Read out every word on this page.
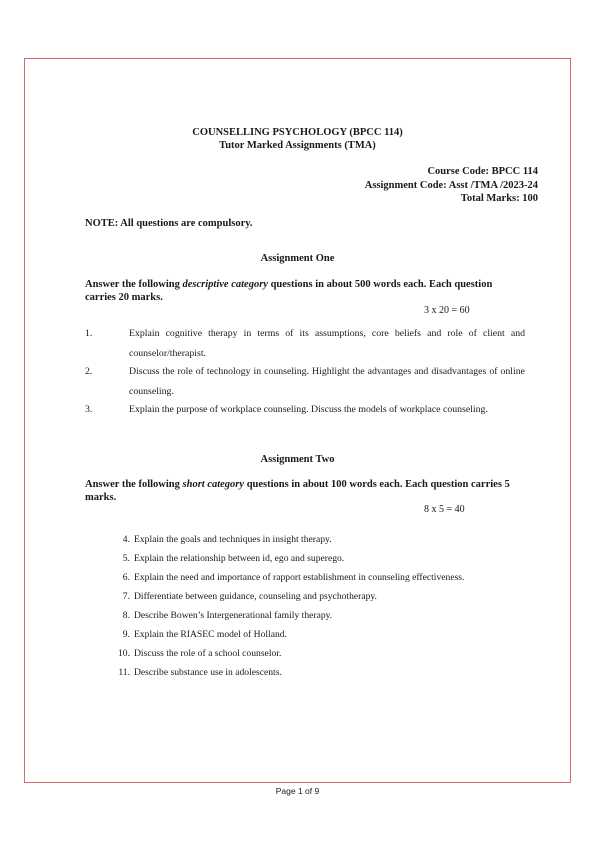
COUNSELLING PSYCHOLOGY (BPCC 114)
Tutor Marked Assignments (TMA)
Course Code: BPCC 114
Assignment Code: Asst /TMA /2023-24
Total Marks: 100
NOTE: All questions are compulsory.
Assignment One
Answer the following descriptive category questions in about 500 words each. Each question carries 20 marks.
3 x 20 = 60
1.	Explain cognitive therapy in terms of its assumptions, core beliefs and role of client and counselor/therapist.
2.	Discuss the role of technology in counseling. Highlight the advantages and disadvantages of online counseling.
3.	Explain the purpose of workplace counseling. Discuss the models of workplace counseling.
Assignment Two
Answer the following short category questions in about 100 words each. Each question carries 5 marks.
8 x 5 = 40
4. Explain the goals and techniques in insight therapy.
5. Explain the relationship between id, ego and superego.
6. Explain the need and importance of rapport establishment in counseling effectiveness.
7. Differentiate between guidance, counseling and psychotherapy.
8. Describe Bowen’s Intergenerational family therapy.
9. Explain the RIASEC model of Holland.
10. Discuss the role of a school counselor.
11. Describe substance use in adolescents.
Page 1 of 9
